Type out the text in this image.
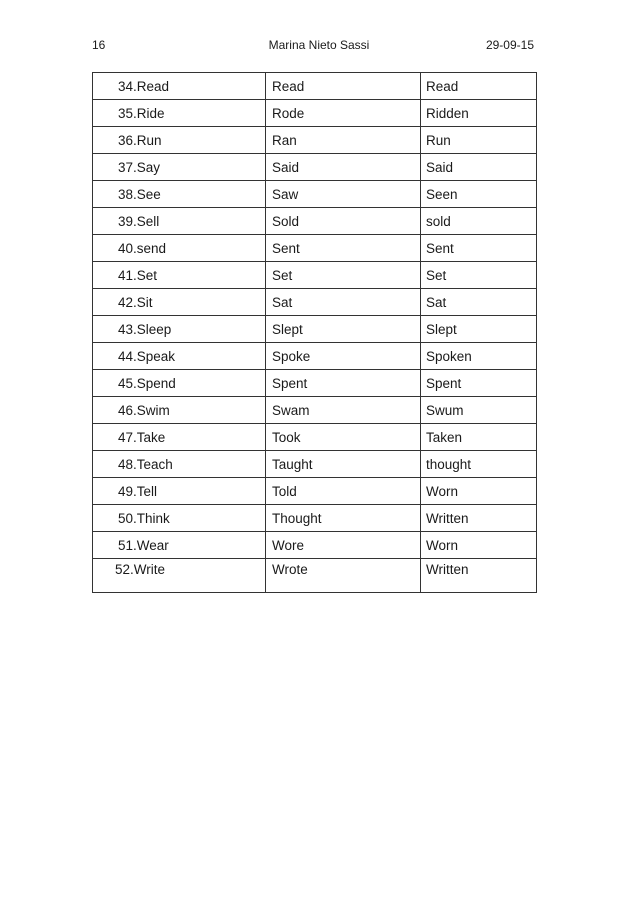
16	Marina Nieto Sassi	29-09-15
34.Read	Read	Read
35.Ride	Rode	Ridden
36.Run	Ran	Run
37.Say	Said	Said
38.See	Saw	Seen
39.Sell	Sold	sold
40.send	Sent	Sent
41.Set	Set	Set
42.Sit	Sat	Sat
43.Sleep	Slept	Slept
44.Speak	Spoke	Spoken
45.Spend	Spent	Spent
46.Swim	Swam	Swum
47.Take	Took	Taken
48.Teach	Taught	thought
49.Tell	Told	Worn
50.Think	Thought	Written
51.Wear	Wore	Worn
52.Write	Wrote	Written
